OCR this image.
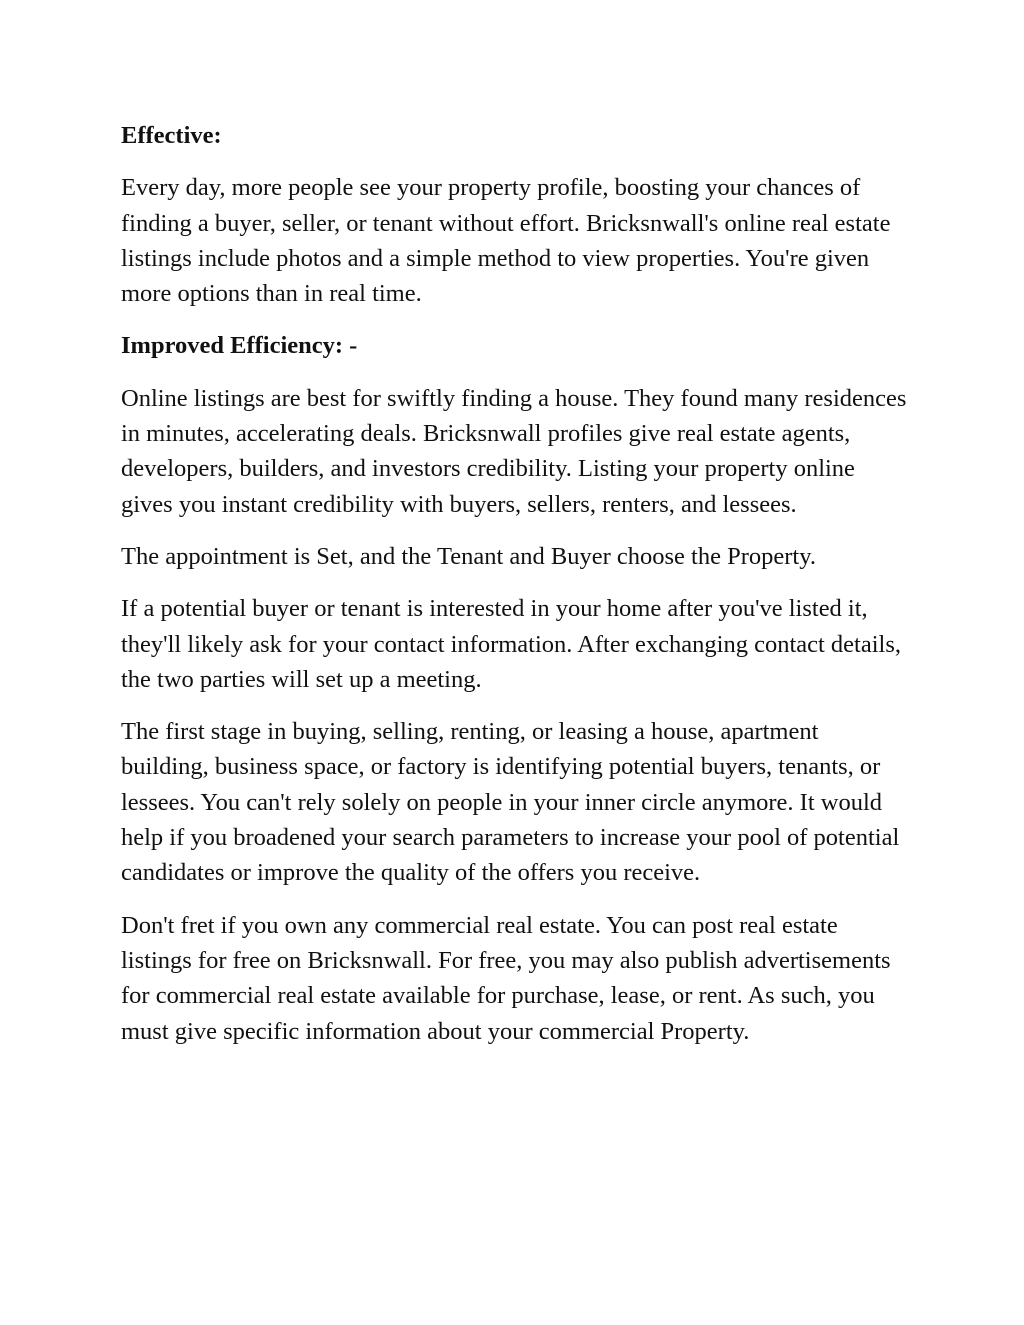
Effective:
Every day, more people see your property profile, boosting your chances of finding a buyer, seller, or tenant without effort. Bricksnwall's online real estate listings include photos and a simple method to view properties. You're given more options than in real time.
Improved Efficiency: -
Online listings are best for swiftly finding a house. They found many residences in minutes, accelerating deals. Bricksnwall profiles give real estate agents, developers, builders, and investors credibility. Listing your property online gives you instant credibility with buyers, sellers, renters, and lessees.
The appointment is Set, and the Tenant and Buyer choose the Property.
If a potential buyer or tenant is interested in your home after you've listed it, they'll likely ask for your contact information. After exchanging contact details, the two parties will set up a meeting.
The first stage in buying, selling, renting, or leasing a house, apartment building, business space, or factory is identifying potential buyers, tenants, or lessees. You can't rely solely on people in your inner circle anymore. It would help if you broadened your search parameters to increase your pool of potential candidates or improve the quality of the offers you receive.
Don't fret if you own any commercial real estate. You can post real estate listings for free on Bricksnwall. For free, you may also publish advertisements for commercial real estate available for purchase, lease, or rent. As such, you must give specific information about your commercial Property.
